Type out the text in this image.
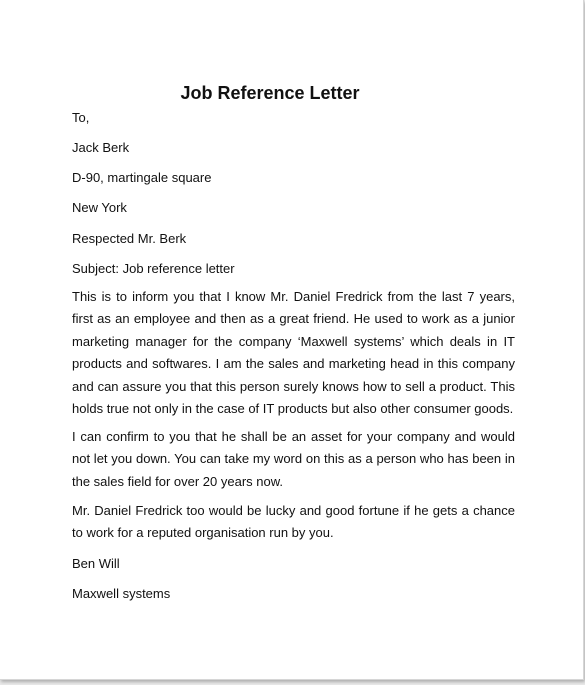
Job Reference Letter

To,

Jack Berk

D-90, martingale square

New York

Respected Mr. Berk

Subject: Job reference letter

This is to inform you that I know Mr. Daniel Fredrick from the last 7 years, first as an employee and then as a great friend. He used to work as a junior marketing manager for the company ‘Maxwell systems’ which deals in IT products and softwares. I am the sales and marketing head in this company and can assure you that this person surely knows how to sell a product. This holds true not only in the case of IT products but also other consumer goods.

I can confirm to you that he shall be an asset for your company and would not let you down. You can take my word on this as a person who has been in the sales field for over 20 years now.

Mr. Daniel Fredrick too would be lucky and good fortune if he gets a chance to work for a reputed organisation run by you.

Ben Will

Maxwell systems
